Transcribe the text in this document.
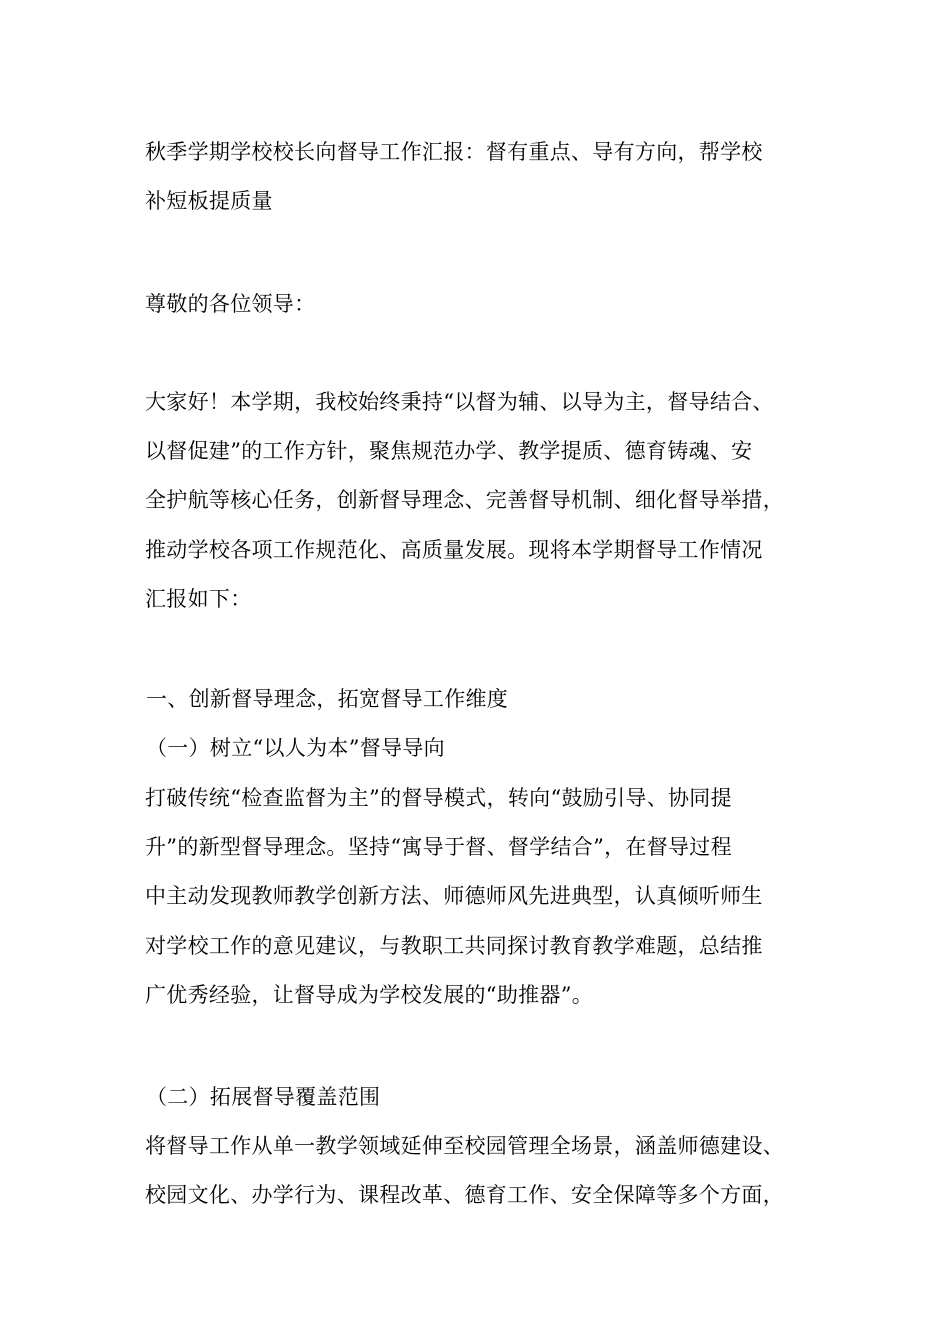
秋季学期学校校长向督导工作汇报：督有重点、导有方向，帮学校
补短板提质量
尊敬的各位领导：
大家好！本学期，我校始终秉持“以督为辅、以导为主，督导结合、
以督促建”的工作方针，聚焦规范办学、教学提质、德育铸魂、安
全护航等核心任务，创新督导理念、完善督导机制、细化督导举措，
推动学校各项工作规范化、高质量发展。现将本学期督导工作情况
汇报如下：
一、创新督导理念，拓宽督导工作维度
（一）树立“以人为本”督导导向
打破传统“检查监督为主”的督导模式，转向“鼓励引导、协同提
升”的新型督导理念。坚持“寓导于督、督学结合”，在督导过程
中主动发现教师教学创新方法、师德师风先进典型，认真倾听师生
对学校工作的意见建议，与教职工共同探讨教育教学难题，总结推
广优秀经验，让督导成为学校发展的“助推器”。
（二）拓展督导覆盖范围
将督导工作从单一教学领域延伸至校园管理全场景，涵盖师德建设、
校园文化、办学行为、课程改革、德育工作、安全保障等多个方面，
